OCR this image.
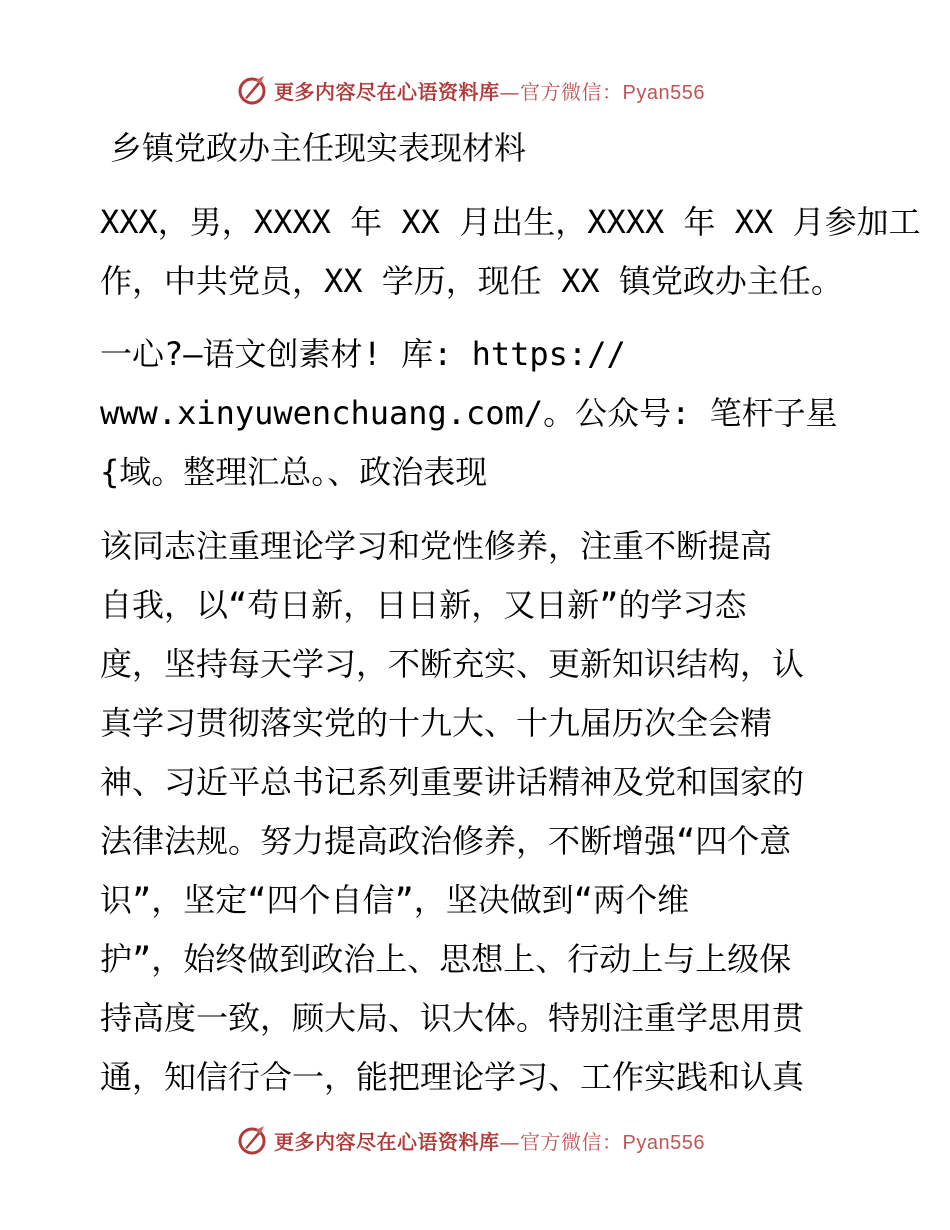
更多内容尽在心语资料库—官方微信：Pyan556
乡镇党政办主任现实表现材料
XXX，男，XXXX 年 XX 月出生，XXXX 年 XX 月参加工
作，中共党员，XX 学历，现任 XX 镇党政办主任。
一心?—语文创素材! 库: https://
www.xinyuwenchuang.com/。公众号: 笔杆子星
{域。整理汇总。、政治表现
该同志注重理论学习和党性修养，注重不断提高
自我，以“苟日新，日日新，又日新”的学习态
度，坚持每天学习，不断充实、更新知识结构，认
真学习贯彻落实党的十九大、十九届历次全会精
神、习近平总书记系列重要讲话精神及党和国家的
法律法规。努力提高政治修养，不断增强“四个意
识”，坚定“四个自信”，坚决做到“两个维
护”，始终做到政治上、思想上、行动上与上级保
持高度一致，顾大局、识大体。特别注重学思用贯
通，知信行合一，能把理论学习、工作实践和认真
更多内容尽在心语资料库—官方微信：Pyan556
